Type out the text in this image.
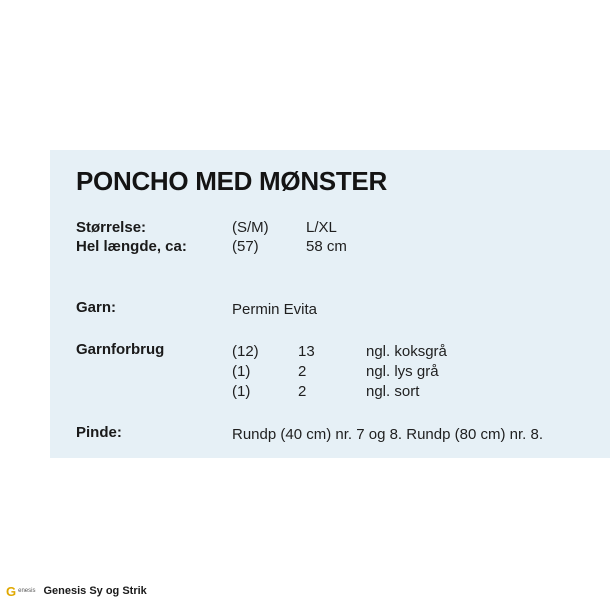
PONCHO MED MØNSTER
Størrelse:	(S/M) L/XL
Hel længde, ca:	(57)	58 cm
Garn:	Permin Evita
Garnforbrug	(12)	13	ngl. koksgrå
(1)	2	ngl. lys grå
(1)	2	ngl. sort
Pinde:	Rundp (40 cm) nr. 7 og 8. Rundp (80 cm) nr. 8.
G enesis Genesis Sy og Strik
